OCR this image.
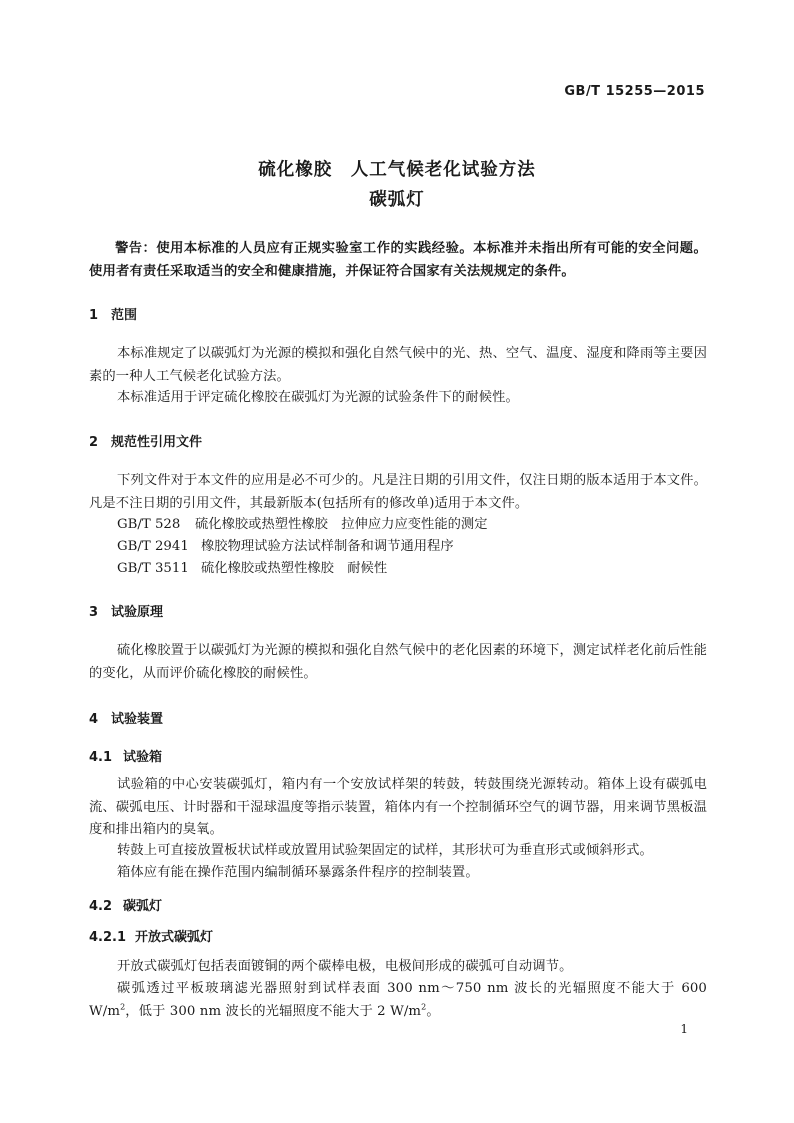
GB/T 15255—2015
硫化橡胶　人工气候老化试验方法
碳弧灯

警告：使用本标准的人员应有正规实验室工作的实践经验。本标准并未指出所有可能的安全问题。使用者有责任采取适当的安全和健康措施，并保证符合国家有关法规规定的条件。

1 范围

本标准规定了以碳弧灯为光源的模拟和强化自然气候中的光、热、空气、温度、湿度和降雨等主要因素的一种人工气候老化试验方法。

本标准适用于评定硫化橡胶在碳弧灯为光源的试验条件下的耐候性。

2 规范性引用文件

下列文件对于本文件的应用是必不可少的。凡是注日期的引用文件，仅注日期的版本适用于本文件。凡是不注日期的引用文件，其最新版本(包括所有的修改单)适用于本文件。

GB/T 528 硫化橡胶或热塑性橡胶　拉伸应力应变性能的测定
GB/T 2941 橡胶物理试验方法试样制备和调节通用程序
GB/T 3511 硫化橡胶或热塑性橡胶　耐候性
3 试验原理

硫化橡胶置于以碳弧灯为光源的模拟和强化自然气候中的老化因素的环境下，测定试样老化前后性能的变化，从而评价硫化橡胶的耐候性。

4 试验装置
4.1 试验箱

试验箱的中心安装碳弧灯，箱内有一个安放试样架的转鼓，转鼓围绕光源转动。箱体上设有碳弧电流、碳弧电压、计时器和干湿球温度等指示装置，箱体内有一个控制循环空气的调节器，用来调节黑板温度和排出箱内的臭氧。

转鼓上可直接放置板状试样或放置用试验架固定的试样，其形状可为垂直形式或倾斜形式。

箱体应有能在操作范围内编制循环暴露条件程序的控制装置。

4.2 碳弧灯
4.2.1 开放式碳弧灯

开放式碳弧灯包括表面镀铜的两个碳棒电极，电极间形成的碳弧可自动调节。

碳弧透过平板玻璃滤光器照射到试样表面 300 nm～750 nm 波长的光辐照度不能大于 600 $W/m^2$，低于 300 nm 波长的光辐照度不能大于 2 $W/m^2$。

1
